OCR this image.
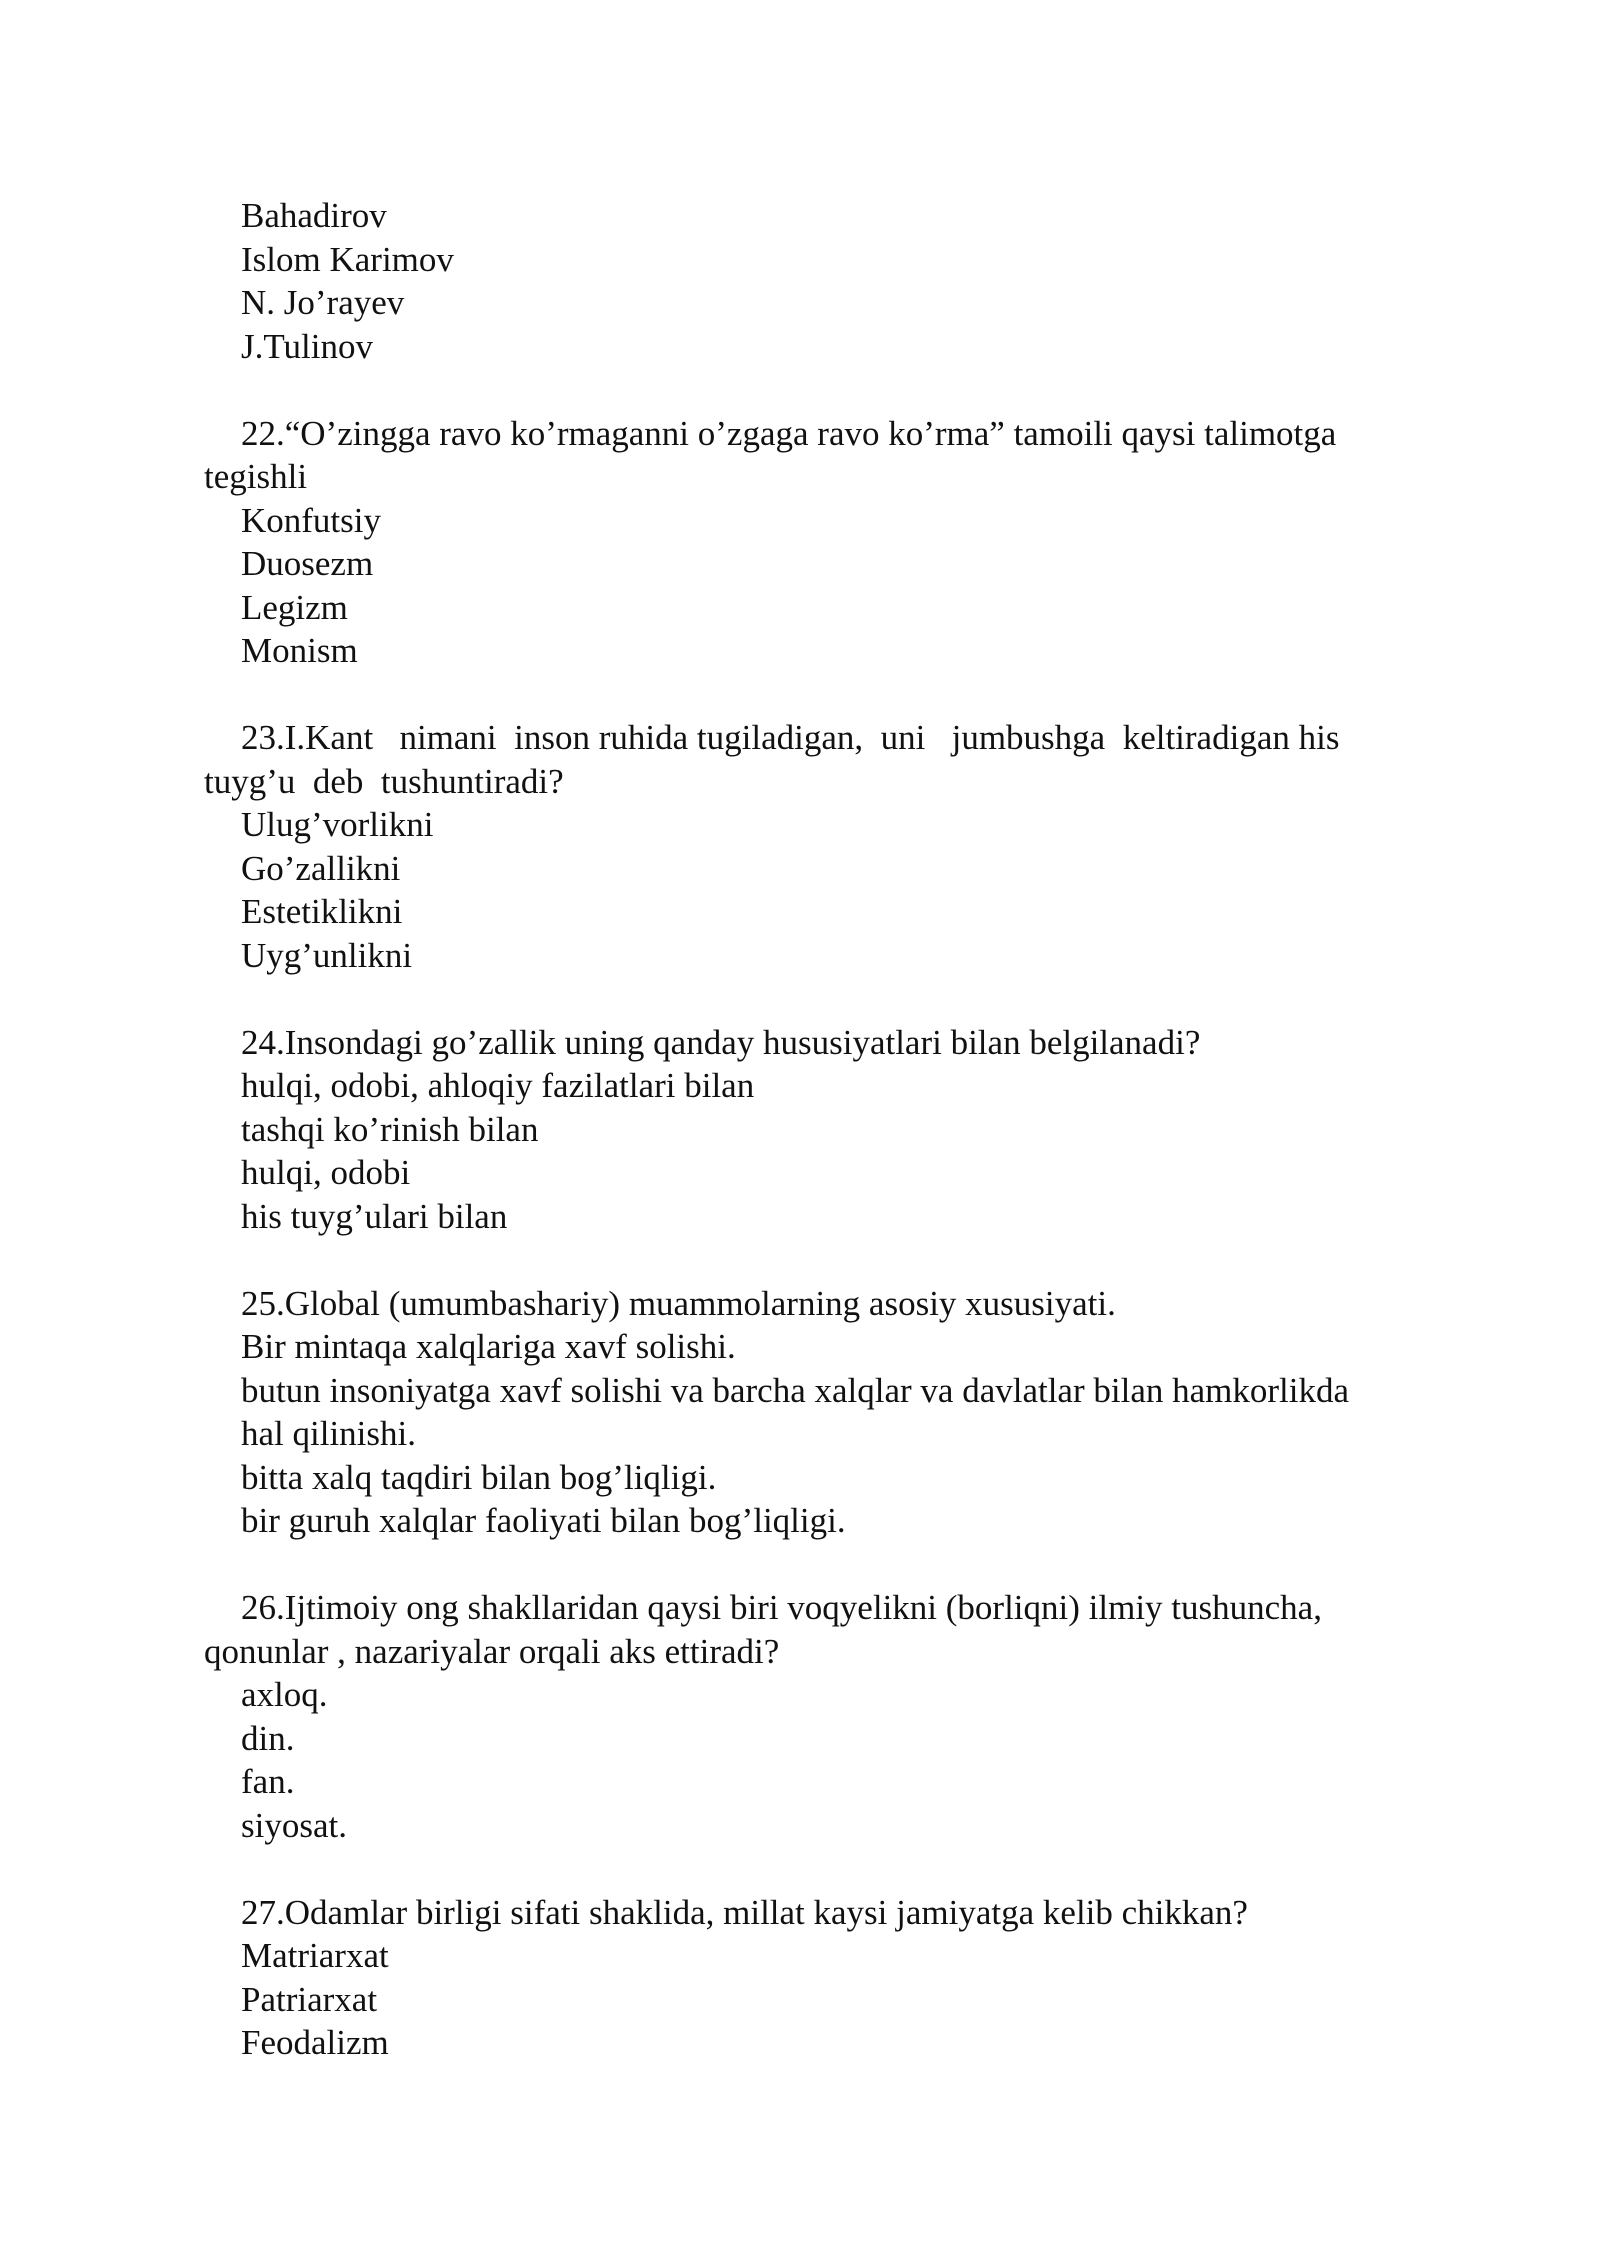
Bahadirov
Islom Karimov
N. Jo’rayev
J.Tulinov
22.“O’zingga ravo ko’rmaganni o’zgaga ravo ko’rma” tamoili qaysi talimotga
tegishli
Konfutsiy
Duosezm
Legizm
Monism
23.I.Kant   nimani  inson ruhida tugiladigan,  uni   jumbushga  keltiradigan his
tuyg’u  deb  tushuntiradi?
Ulug’vorlikni
Go’zallikni
Estetiklikni
Uyg’unlikni
24.Insondagi go’zallik uning qanday hususiyatlari bilan belgilanadi?
hulqi, odobi, ahloqiy fazilatlari bilan
tashqi ko’rinish bilan
hulqi, odobi
his tuyg’ulari bilan
25.Global (umumbashariy) muammolarning asosiy xususiyati.
Bir mintaqa xalqlariga xavf solishi.
butun insoniyatga xavf solishi va barcha xalqlar va davlatlar bilan hamkorlikda
hal qilinishi.
bitta xalq taqdiri bilan bog’liqligi.
bir guruh xalqlar faoliyati bilan bog’liqligi.
26.Ijtimoiy ong shakllaridan qaysi biri voqyelikni (borliqni) ilmiy tushuncha,
qonunlar , nazariyalar orqali aks ettiradi?
axloq.
din.
fan.
siyosat.
27.Odamlar birligi sifati shaklida, millat kaysi jamiyatga kelib chikkan?
Matriarxat
Patriarxat
Feodalizm
